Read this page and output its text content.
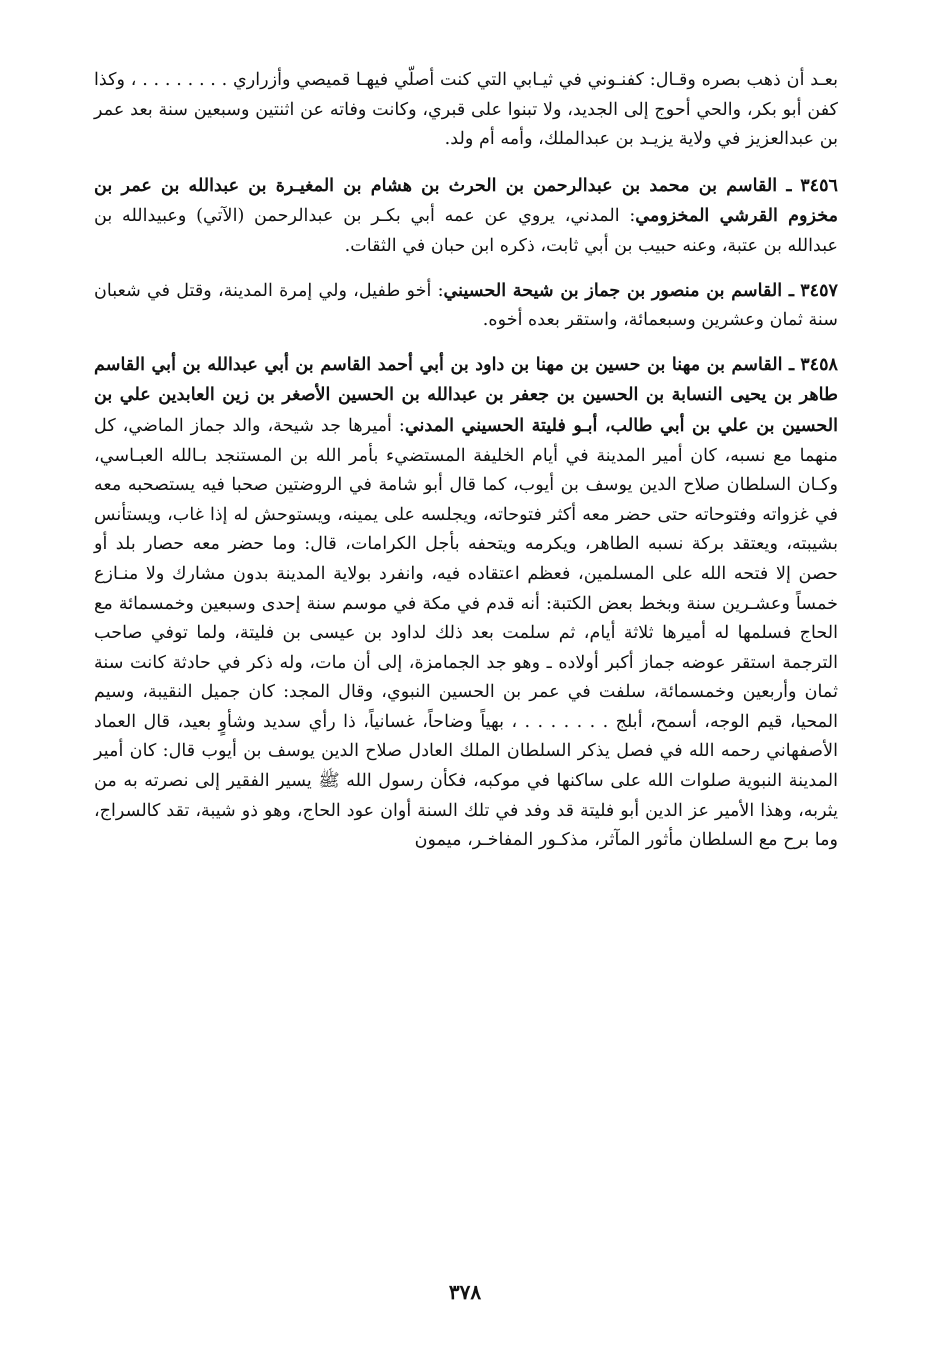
بعـد أن ذهب بصره وقـال: كفنـوني في ثيـابي التي كنت أصلّي فيهـا قميصي وأزراري . . . . . . . . ، وكذا كفن أبو بكر، والحي أحوج إلى الجديد، ولا تبنوا على قبري، وكانت وفاته عن اثنتين وسبعين سنة بعد عمر بن عبدالعزيز في ولاية يزيـد بن عبدالملك، وأمه أم ولد.

٣٤٥٦ ـ القاسم بن محمد بن عبدالرحمن بن الحرث بن هشام بن المغيـرة بن عبدالله بن عمر بن مخزوم القرشي المخزومي: المدني، يروي عن عمه أبي بكـر بن عبدالرحمن (الآتي) وعبيدالله بن عبدالله بن عتبة، وعنه حبيب بن أبي ثابت، ذكره ابن حبان في الثقات.

٣٤٥٧ ـ القاسم بن منصور بن جماز بن شيحة الحسيني: أخو طفيل، ولي إمرة المدينة، وقتل في شعبان سنة ثمان وعشرين وسبعمائة، واستقر بعده أخوه.

٣٤٥٨ ـ القاسم بن مهنا بن حسين بن مهنا بن داود بن أبي أحمد القاسم بن أبي عبدالله بن أبي القاسم طاهر بن يحيى النسابة بن الحسين بن جعفر بن عبدالله بن الحسين الأصغر بن زين العابدين علي بن الحسين بن علي بن أبي طالب، أبـو فليتة الحسيني المدني: أميرها جد شيحة، والد جماز الماضي، كل منهما مع نسبه، كان أمير المدينة في أيام الخليفة المستضيء بأمر الله بن المستنجد بـالله العبـاسي، وكـان السلطان صلاح الدين يوسف بن أيوب، كما قال أبو شامة في الروضتين صحبا فيه يستصحبه معه في غزواته وفتوحاته حتى حضر معه أكثر فتوحاته، ويجلسه على يمينه، ويستوحش له إذا غاب، ويستأنس بشيبته، ويعتقد بركة نسبه الطاهر، ويكرمه ويتحفه بأجل الكرامات، قال: وما حضر معه حصار بلد أو حصن إلا فتحه الله على المسلمين، فعظم اعتقاده فيه، وانفرد بولاية المدينة بدون مشارك ولا منـازع خمساً وعشـرين سنة وبخط بعض الكتبة: أنه قدم في مكة في موسم سنة إحدى وسبعين وخمسمائة مع الحاج فسلمها له أميرها ثلاثة أيام، ثم سلمت بعد ذلك لداود بن عيسى بن فليتة، ولما توفي صاحب الترجمة استقر عوضه جماز أكبر أولاده ـ وهو جد الجمامزة، إلى أن مات، وله ذكر في حادثة كانت سنة ثمان وأربعين وخمسمائة، سلفت في عمر بن الحسين النبوي، وقال المجد: كان جميل النقيبة، وسيم المحيا، قيم الوجه، أسمح، أبلج . . . . . . . ، بهياً وضاحاً، غسانياً، ذا رأي سديد وشأوٍ بعيد، قال العماد الأصفهاني رحمه الله في فصل يذكر السلطان الملك العادل صلاح الدين يوسف بن أيوب قال: كان أمير المدينة النبوية صلوات الله على ساكنها في موكبه، فكأن رسول الله ﷺ يسير الفقير إلى نصرته به من يثربه، وهذا الأمير عز الدين أبو فليتة قد وفد في تلك السنة أوان عود الحاج، وهو ذو شيبة، تقد كالسراج، وما برح مع السلطان مأثور المآثر، مذكـور المفاخـر، ميمون

٣٧٨
